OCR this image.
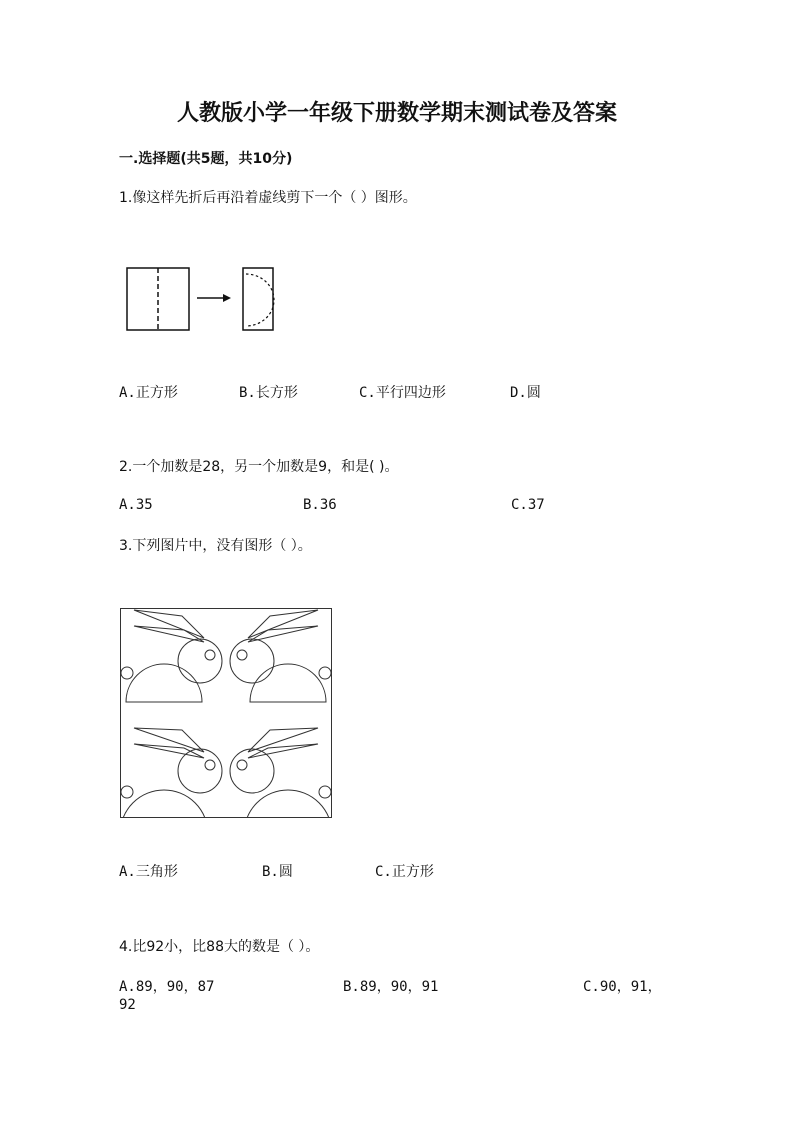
人教版小学一年级下册数学期末测试卷及答案
一.选择题(共5题，共10分)
1.像这样先折后再沿着虚线剪下一个（ ）图形。
A.正方形	B.长方形	C.平行四边形	D.圆
2.一个加数是28，另一个加数是9，和是( )。
A.35	B.36	C.37
3.下列图片中，没有图形（ ）。
A.三角形	B.圆	C.正方形
4.比92小，比88大的数是（ ）。
A.89，90，87	B.89，90，91	C.90，91，
92
